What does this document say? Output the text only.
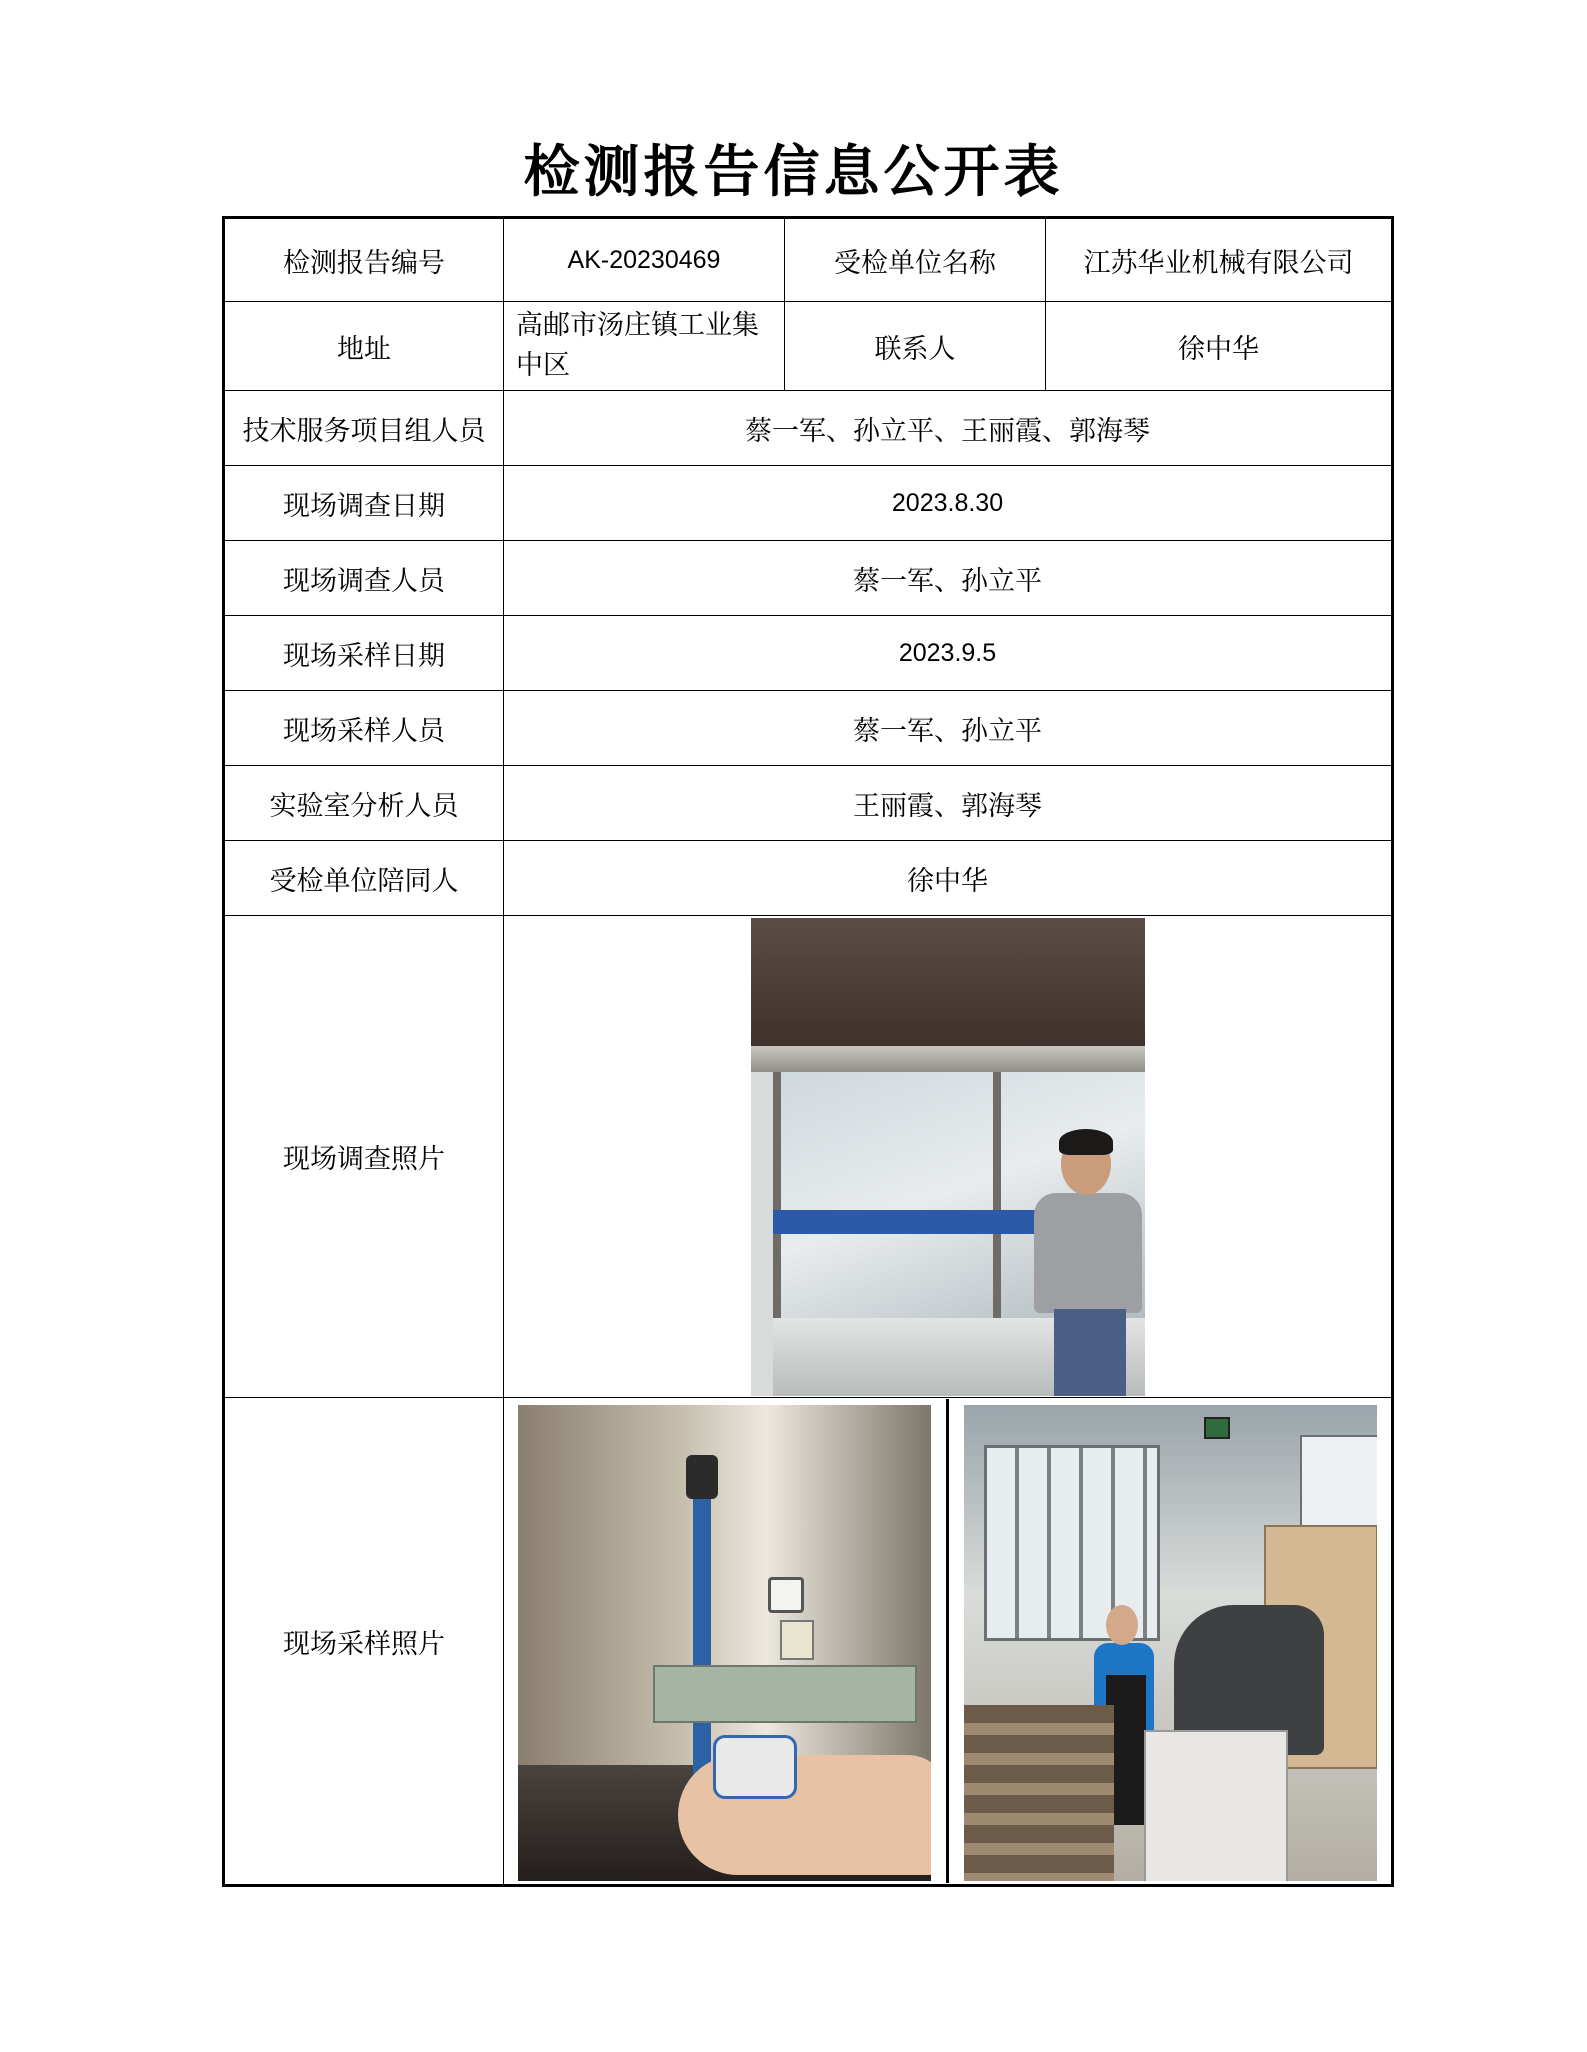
检测报告信息公开表
检测报告编号	AK-20230469	受检单位名称	江苏华业机械有限公司
地址	高邮市汤庄镇工业集中区	联系人	徐中华
技术服务项目组人员	蔡一军、孙立平、王丽霞、郭海琴		
现场调查日期	2023.8.30		
现场调查人员	蔡一军、孙立平		
现场采样日期	2023.9.5		
现场采样人员	蔡一军、孙立平		
实验室分析人员	王丽霞、郭海琴		
受检单位陪同人	徐中华		
现场调查照片			

现场采样照片			
